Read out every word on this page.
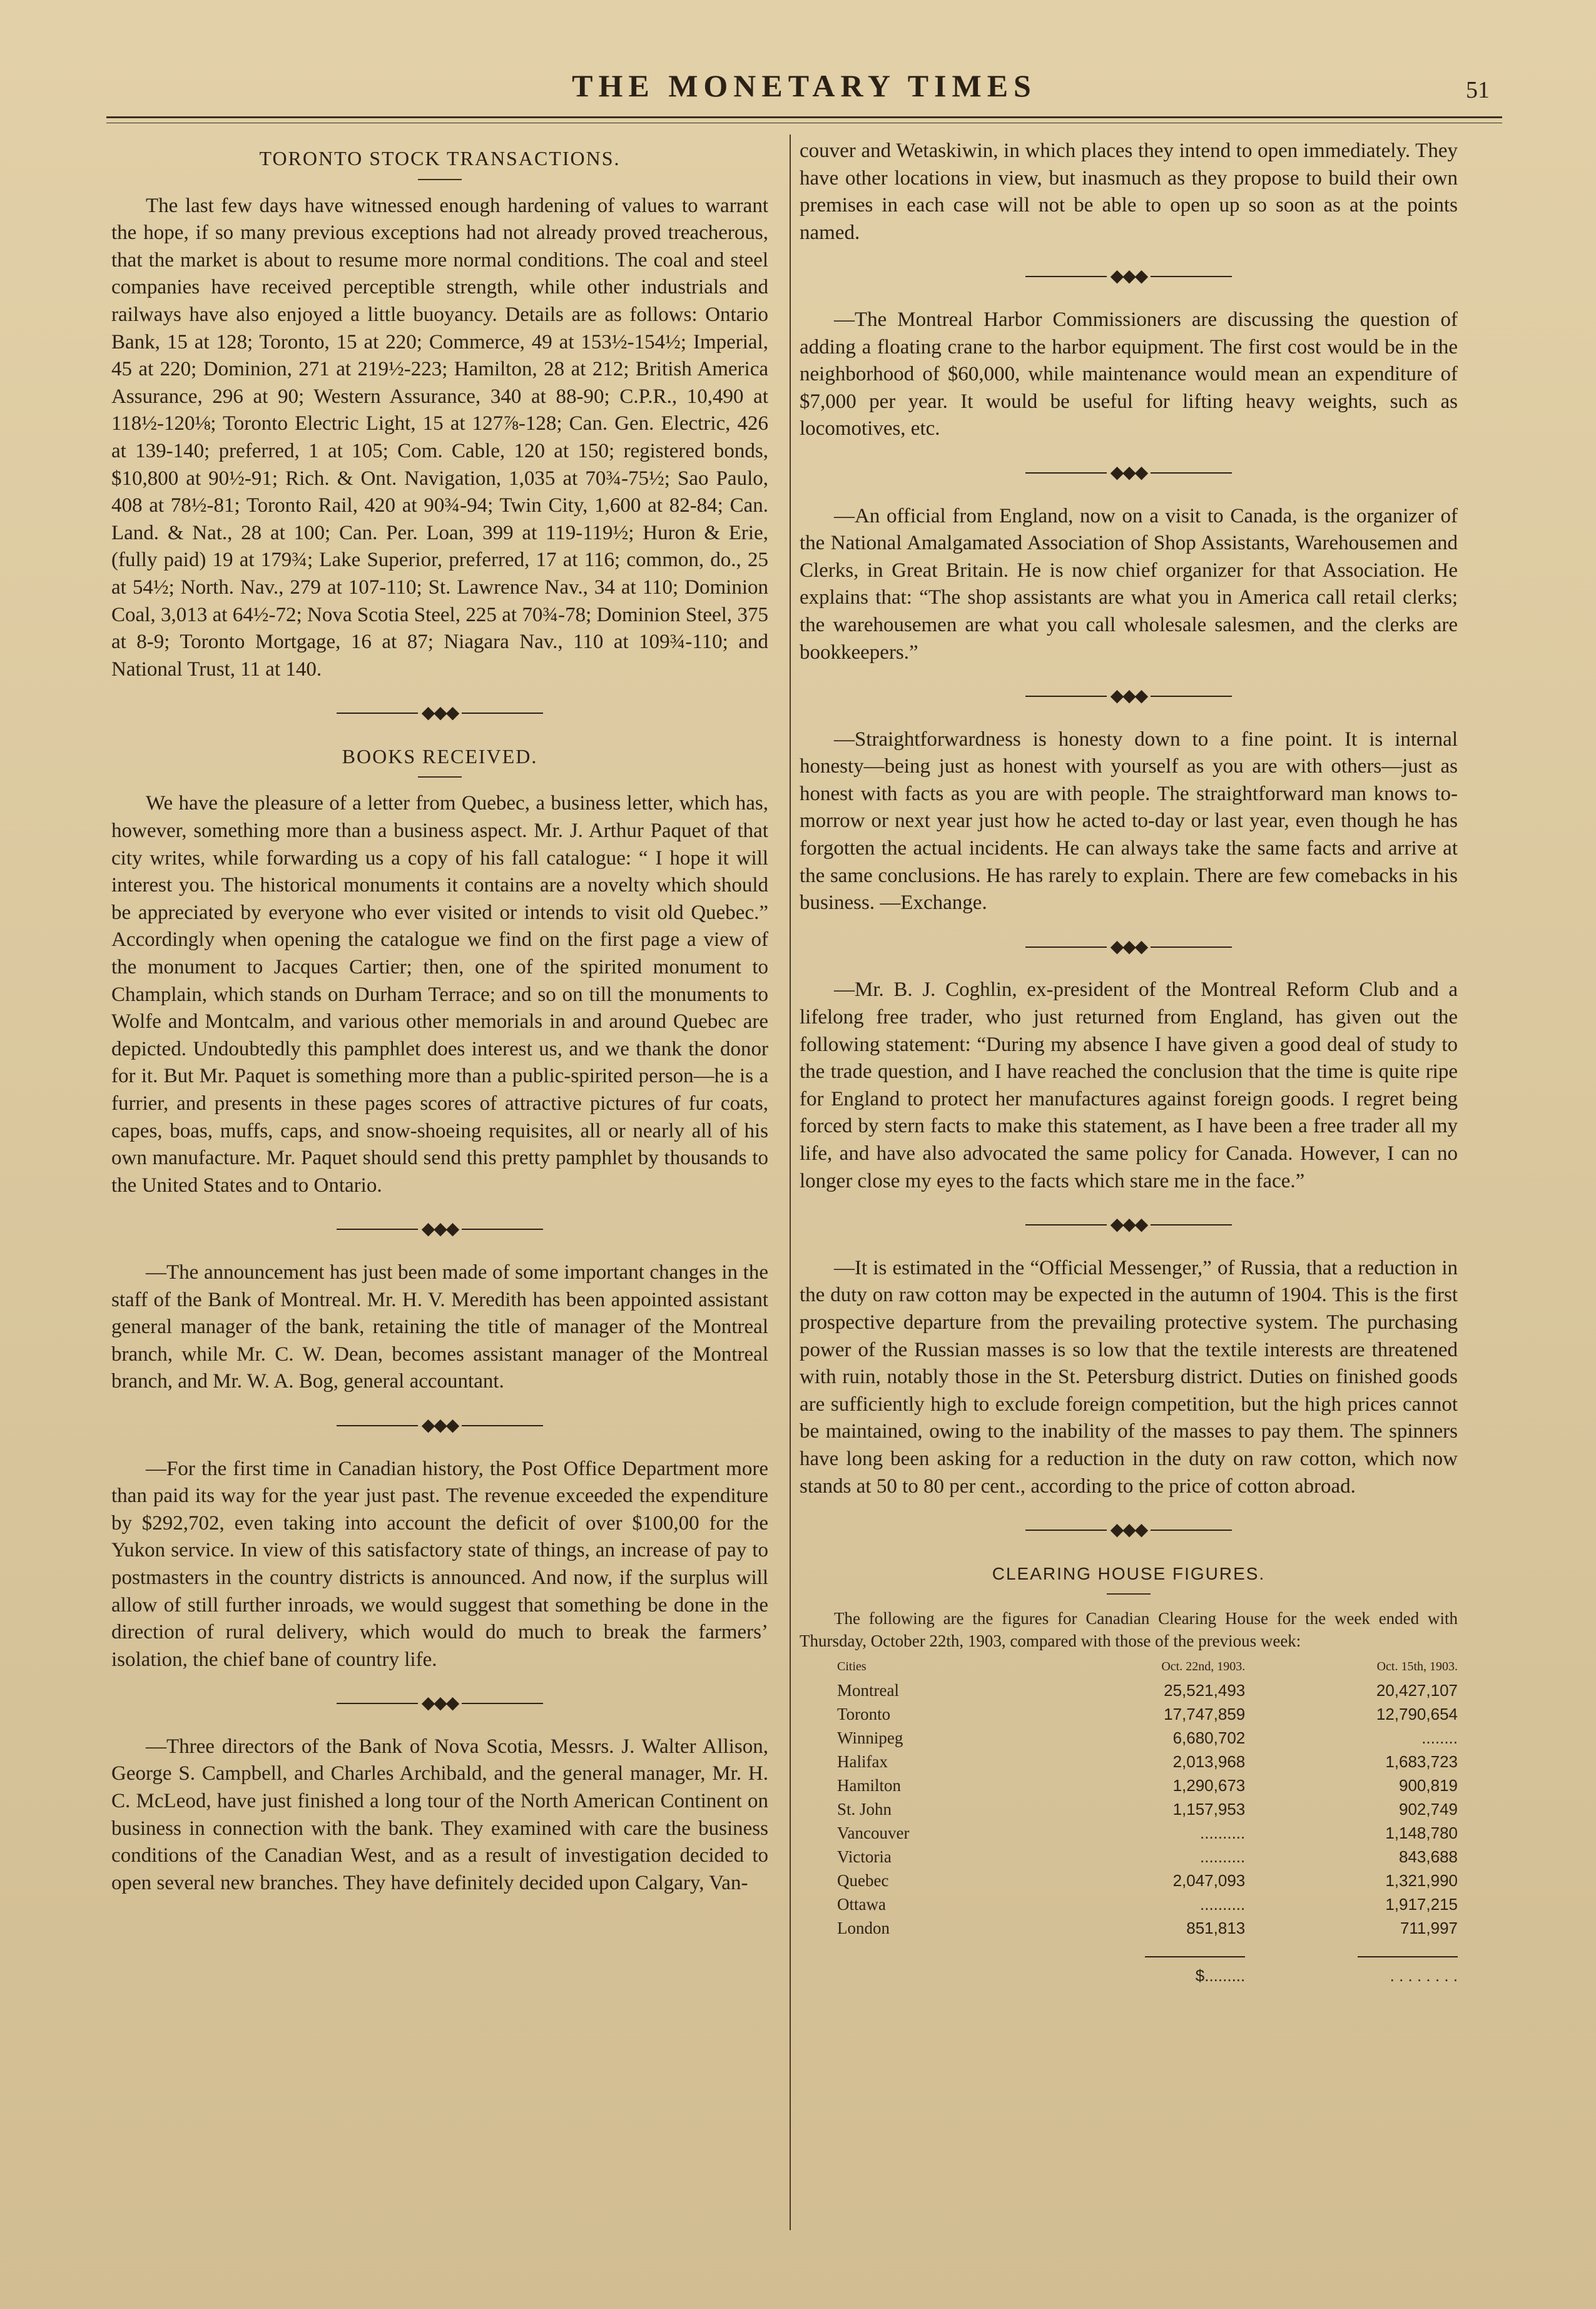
THE MONETARY TIMES	51
TORONTO STOCK TRANSACTIONS.

The last few days have witnessed enough hardening of values to warrant the hope, if so many previous exceptions had not already proved treacherous, that the market is about to resume more normal conditions. The coal and steel companies have received perceptible strength, while other industrials and railways have also enjoyed a little buoyancy. Details are as follows: Ontario Bank, 15 at 128; Toronto, 15 at 220; Commerce, 49 at 153½-154½; Imperial, 45 at 220; Dominion, 271 at 219½-223; Hamilton, 28 at 212; British America Assurance, 296 at 90; Western Assurance, 340 at 88-90; C.P.R., 10,490 at 118½-120⅛; Toronto Electric Light, 15 at 127⅞-128; Can. Gen. Electric, 426 at 139-140; preferred, 1 at 105; Com. Cable, 120 at 150; registered bonds, $10,800 at 90½-91; Rich. & Ont. Navigation, 1,035 at 70¾-75½; Sao Paulo, 408 at 78½-81; Toronto Rail, 420 at 90¾-94; Twin City, 1,600 at 82-84; Can. Land. & Nat., 28 at 100; Can. Per. Loan, 399 at 119-119½; Huron & Erie, (fully paid) 19 at 179¾; Lake Superior, preferred, 17 at 116; common, do., 25 at 54½; North. Nav., 279 at 107-110; St. Lawrence Nav., 34 at 110; Dominion Coal, 3,013 at 64½-72; Nova Scotia Steel, 225 at 70¾-78; Dominion Steel, 375 at 8-9; Toronto Mortgage, 16 at 87; Niagara Nav., 110 at 109¾-110; and National Trust, 11 at 140.

◆◆◆
BOOKS RECEIVED.

We have the pleasure of a letter from Quebec, a business letter, which has, however, something more than a business aspect. Mr. J. Arthur Paquet of that city writes, while forwarding us a copy of his fall catalogue: “ I hope it will interest you. The historical monuments it contains are a novelty which should be appreciated by everyone who ever visited or intends to visit old Quebec.” Accordingly when opening the catalogue we find on the first page a view of the monument to Jacques Cartier; then, one of the spirited monument to Champlain, which stands on Durham Terrace; and so on till the monuments to Wolfe and Montcalm, and various other memorials in and around Quebec are depicted. Undoubtedly this pamphlet does interest us, and we thank the donor for it. But Mr. Paquet is something more than a public-spirited person—he is a furrier, and presents in these pages scores of attractive pictures of fur coats, capes, boas, muffs, caps, and snow-shoeing requisites, all or nearly all of his own manufacture. Mr. Paquet should send this pretty pamphlet by thousands to the United States and to Ontario.

◆◆◆

—The announcement has just been made of some important changes in the staff of the Bank of Montreal. Mr. H. V. Meredith has been appointed assistant general manager of the bank, retaining the title of manager of the Montreal branch, while Mr. C. W. Dean, becomes assistant manager of the Montreal branch, and Mr. W. A. Bog, general accountant.

◆◆◆

—For the first time in Canadian history, the Post Office Department more than paid its way for the year just past. The revenue exceeded the expenditure by $292,702, even taking into account the deficit of over $100,00 for the Yukon service. In view of this satisfactory state of things, an increase of pay to postmasters in the country districts is announced. And now, if the surplus will allow of still further inroads, we would suggest that something be done in the direction of rural delivery, which would do much to break the farmers’ isolation, the chief bane of country life.

◆◆◆

—Three directors of the Bank of Nova Scotia, Messrs. J. Walter Allison, George S. Campbell, and Charles Archibald, and the general manager, Mr. H. C. McLeod, have just finished a long tour of the North American Continent on business in connection with the bank. They examined with care the business conditions of the Canadian West, and as a result of investigation decided to open several new branches. They have definitely decided upon Calgary, Van-

couver and Wetaskiwin, in which places they intend to open immediately. They have other locations in view, but inasmuch as they propose to build their own premises in each case will not be able to open up so soon as at the points named.

◆◆◆

—The Montreal Harbor Commissioners are discussing the question of adding a floating crane to the harbor equipment. The first cost would be in the neighborhood of $60,000, while maintenance would mean an expenditure of $7,000 per year. It would be useful for lifting heavy weights, such as locomotives, etc.

◆◆◆

—An official from England, now on a visit to Canada, is the organizer of the National Amalgamated Association of Shop Assistants, Warehousemen and Clerks, in Great Britain. He is now chief organizer for that Association. He explains that: “The shop assistants are what you in America call retail clerks; the warehousemen are what you call wholesale salesmen, and the clerks are bookkeepers.”

◆◆◆

—Straightforwardness is honesty down to a fine point. It is internal honesty—being just as honest with yourself as you are with others—just as honest with facts as you are with people. The straightforward man knows to-morrow or next year just how he acted to-day or last year, even though he has forgotten the actual incidents. He can always take the same facts and arrive at the same conclusions. He has rarely to explain. There are few comebacks in his business. —Exchange.

◆◆◆

—Mr. B. J. Coghlin, ex-president of the Montreal Reform Club and a lifelong free trader, who just returned from England, has given out the following statement: “During my absence I have given a good deal of study to the trade question, and I have reached the conclusion that the time is quite ripe for England to protect her manufactures against foreign goods. I regret being forced by stern facts to make this statement, as I have been a free trader all my life, and have also advocated the same policy for Canada. However, I can no longer close my eyes to the facts which stare me in the face.”

◆◆◆

—It is estimated in the “Official Messenger,” of Russia, that a reduction in the duty on raw cotton may be expected in the autumn of 1904. This is the first prospective departure from the prevailing protective system. The purchasing power of the Russian masses is so low that the textile interests are threatened with ruin, notably those in the St. Petersburg district. Duties on finished goods are sufficiently high to exclude foreign competition, but the high prices cannot be maintained, owing to the inability of the masses to pay them. The spinners have long been asking for a reduction in the duty on raw cotton, which now stands at 50 to 80 per cent., according to the price of cotton abroad.

◆◆◆
CLEARING HOUSE FIGURES.

The following are the figures for Canadian Clearing House for the week ended with Thursday, October 22th, 1903, compared with those of the previous week:

Cities	Oct. 22nd, 1903.	Oct. 15th, 1903.
Montreal	25,521,493	20,427,107
Toronto	17,747,859	12,790,654
Winnipeg	6,680,702	........
Halifax	2,013,968	1,683,723
Hamilton	1,290,673	900,819
St. John	1,157,953	902,749
Vancouver	..........	1,148,780
Victoria	..........	843,688
Quebec	2,047,093	1,321,990
Ottawa	..........	1,917,215
London	851,813	711,997

	$.........	. . . . . . . .
